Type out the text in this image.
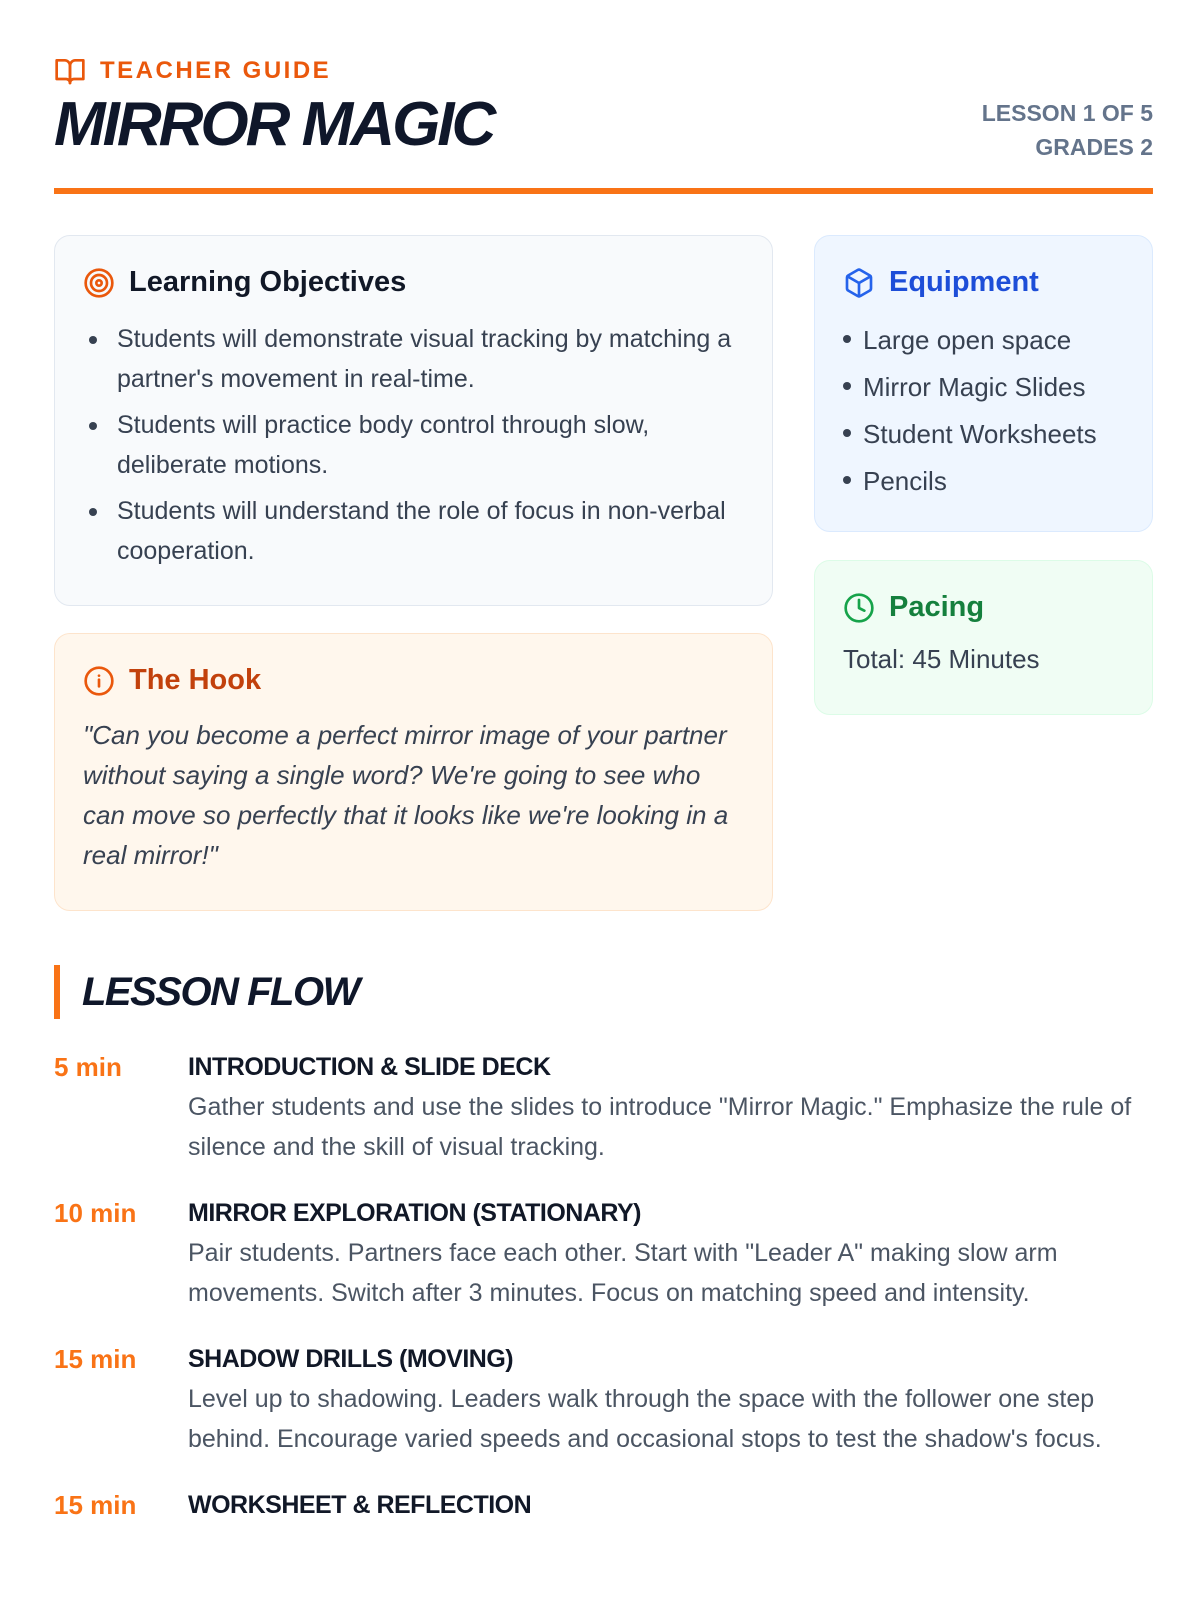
TEACHER GUIDE
MIRROR MAGIC	LESSON 1 OF 5
GRADES 2
Learning Objectives
Students will demonstrate visual tracking by matching a partner's movement in real-time.
Students will practice body control through slow, deliberate motions.
Students will understand the role of focus in non-verbal cooperation.
The Hook

"Can you become a perfect mirror image of your partner without saying a single word? We're going to see who can move so perfectly that it looks like we're looking in a real mirror!"

Equipment
Large open space
Mirror Magic Slides
Student Worksheets
Pencils
Pacing
Total: 45 Minutes
LESSON FLOW
5 min	INTRODUCTION & SLIDE DECK
Gather students and use the slides to introduce "Mirror Magic." Emphasize the rule of silence and the skill of visual tracking.
10 min	MIRROR EXPLORATION (STATIONARY)
Pair students. Partners face each other. Start with "Leader A" making slow arm movements. Switch after 3 minutes. Focus on matching speed and intensity.
15 min	SHADOW DRILLS (MOVING)
Level up to shadowing. Leaders walk through the space with the follower one step behind. Encourage varied speeds and occasional stops to test the shadow's focus.
15 min	WORKSHEET & REFLECTION
